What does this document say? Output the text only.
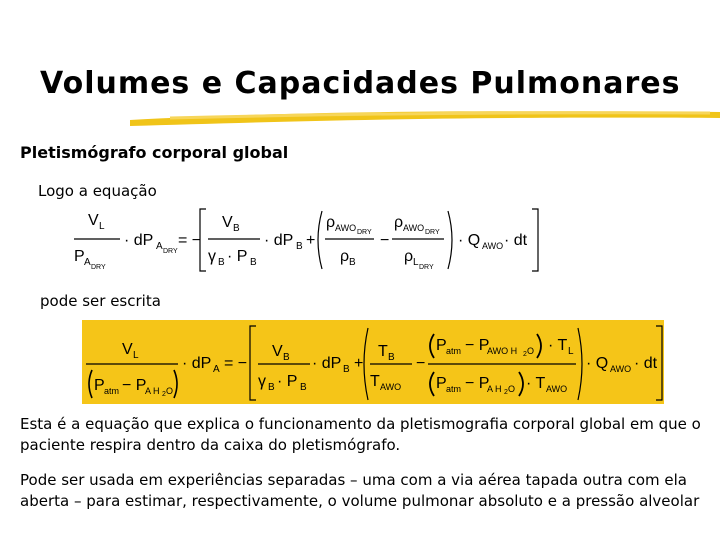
Volumes e Capacidades Pulmonares
Pletismógrafo corporal global
Logo a equação
V L
P A DRY
· dP A DRY
= −
V B
γ B · P B
· dP B +
ρ AWO DRY
ρ B
−
ρ AWO DRY
ρ L DRY
· Q AWO · dt
pode ser escrita
V L
P atm − P
A H 2 O
· dP A = −
V B
γ B · P B
· dP B +
T B
T AWO
−
P atm − P
AWO H 2 O · T L
P atm − P
A H 2 O · T AWO
· Q AWO · dt
Esta é a equação que explica o funcionamento da pletismografia corporal global em que o paciente respira dentro da caixa do pletismógrafo.
Pode ser usada em experiências separadas – uma com a via aérea tapada outra com ela aberta – para estimar, respectivamente, o volume pulmonar absoluto e a pressão alveolar
